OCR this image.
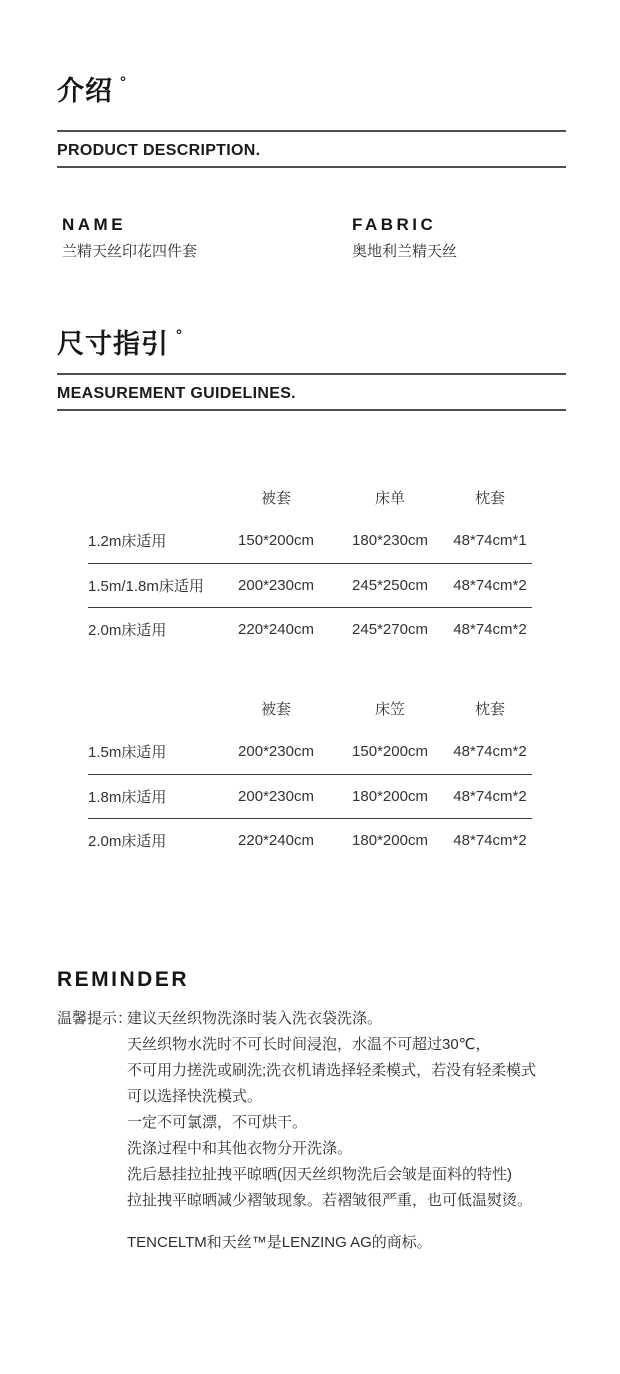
介绍 °
PRODUCT DESCRIPTION.
NAME
兰精天丝印花四件套
FABRIC
奥地利兰精天丝
尺寸指引 °
MEASUREMENT GUIDELINES.
	被套	床单	枕套
1.2m床适用	150*200cm	180*230cm	48*74cm*1
1.5m/1.8m床适用	200*230cm	245*250cm	48*74cm*2
2.0m床适用	220*240cm	245*270cm	48*74cm*2
	被套	床笠	枕套
1.5m床适用	200*230cm	150*200cm	48*74cm*2
1.8m床适用	200*230cm	180*200cm	48*74cm*2
2.0m床适用	220*240cm	180*200cm	48*74cm*2
REMINDER
温馨提示：
建议天丝织物洗涤时装入洗衣袋洗涤。
天丝织物水洗时不可长时间浸泡，水温不可超过30℃，
不可用力搓洗或刷洗;洗衣机请选择轻柔模式，若没有轻柔模式
可以选择快洗模式。
一定不可氯漂，不可烘干。
洗涤过程中和其他衣物分开洗涤。
洗后悬挂拉扯拽平晾晒(因天丝织物洗后会皱是面料的特性)
拉扯拽平晾晒减少褶皱现象。若褶皱很严重，也可低温熨烫。
TENCELTM和天丝™是LENZING AG的商标。
